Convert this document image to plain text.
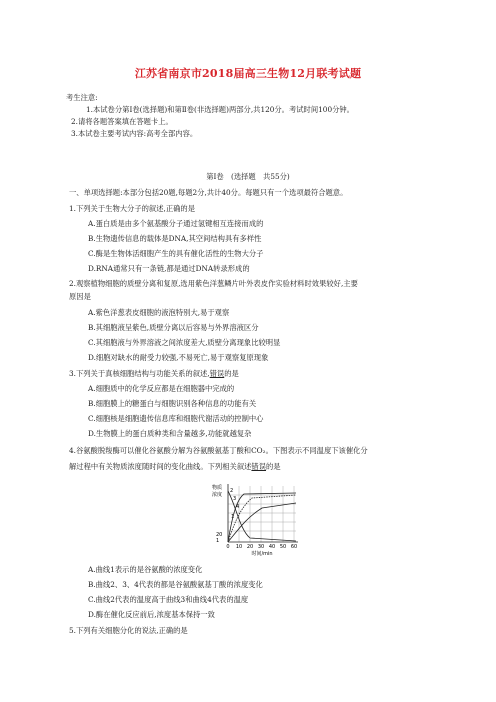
江苏省南京市2018届高三生物12月联考试题
考生注意:
1.本试卷分第Ⅰ卷(选择题)和第Ⅱ卷(非选择题)两部分,共120分。考试时间100分钟。
2.请将各题答案填在答题卡上。
3.本试卷主要考试内容:高考全部内容。
第Ⅰ卷　(选择题　共55分)
一、单项选择题:本部分包括20题,每题2分,共计40分。每题只有一个选项最符合题意。
1.下列关于生物大分子的叙述,正确的是
A.蛋白质是由多个氨基酸分子通过氢键相互连接而成的
B.生物遗传信息的载体是DNA,其空间结构具有多样性
C.酶是生物体活细胞产生的具有催化活性的生物大分子
D.RNA通常只有一条链,都是通过DNA转录形成的
2.观察植物细胞的质壁分离和复原,选用紫色洋葱鳞片叶外表皮作实验材料时效果较好,主要
原因是
A.紫色洋葱表皮细胞的液泡特别大,易于观察
B.其细胞液呈紫色,质壁分离以后容易与外界溶液区分
C.其细胞液与外界溶液之间浓度差大,质壁分离现象比较明显
D.细胞对缺水的耐受力较强,不易死亡,易于观察复原现象
3.下列关于真核细胞结构与功能关系的叙述,错误的是
A.细胞质中的化学反应都是在细胞器中完成的
B.细胞膜上的糖蛋白与细胞识别各种信息的功能有关
C.细胞核是细胞遗传信息库和细胞代谢活动的控制中心
D.生物膜上的蛋白质种类和含量越多,功能就越复杂
4.谷氨酸脱羧酶可以催化谷氨酸分解为谷氨酸氨基丁酸和CO₂。下图表示不同温度下该催化分
解过程中有关物质浓度随时间的变化曲线。下列相关叙述错误的是
物质
浓度
2
3
4
1
20
1
0 10 20 30 40 50 60
时间/min
A.曲线1表示的是谷氨酸的浓度变化
B.曲线2、3、4代表的都是谷氨酸氨基丁酸的浓度变化
C.曲线2代表的温度高于曲线3和曲线4代表的温度
D.酶在催化反应前后,浓度基本保持一致
5.下列有关细胞分化的说法,正确的是
